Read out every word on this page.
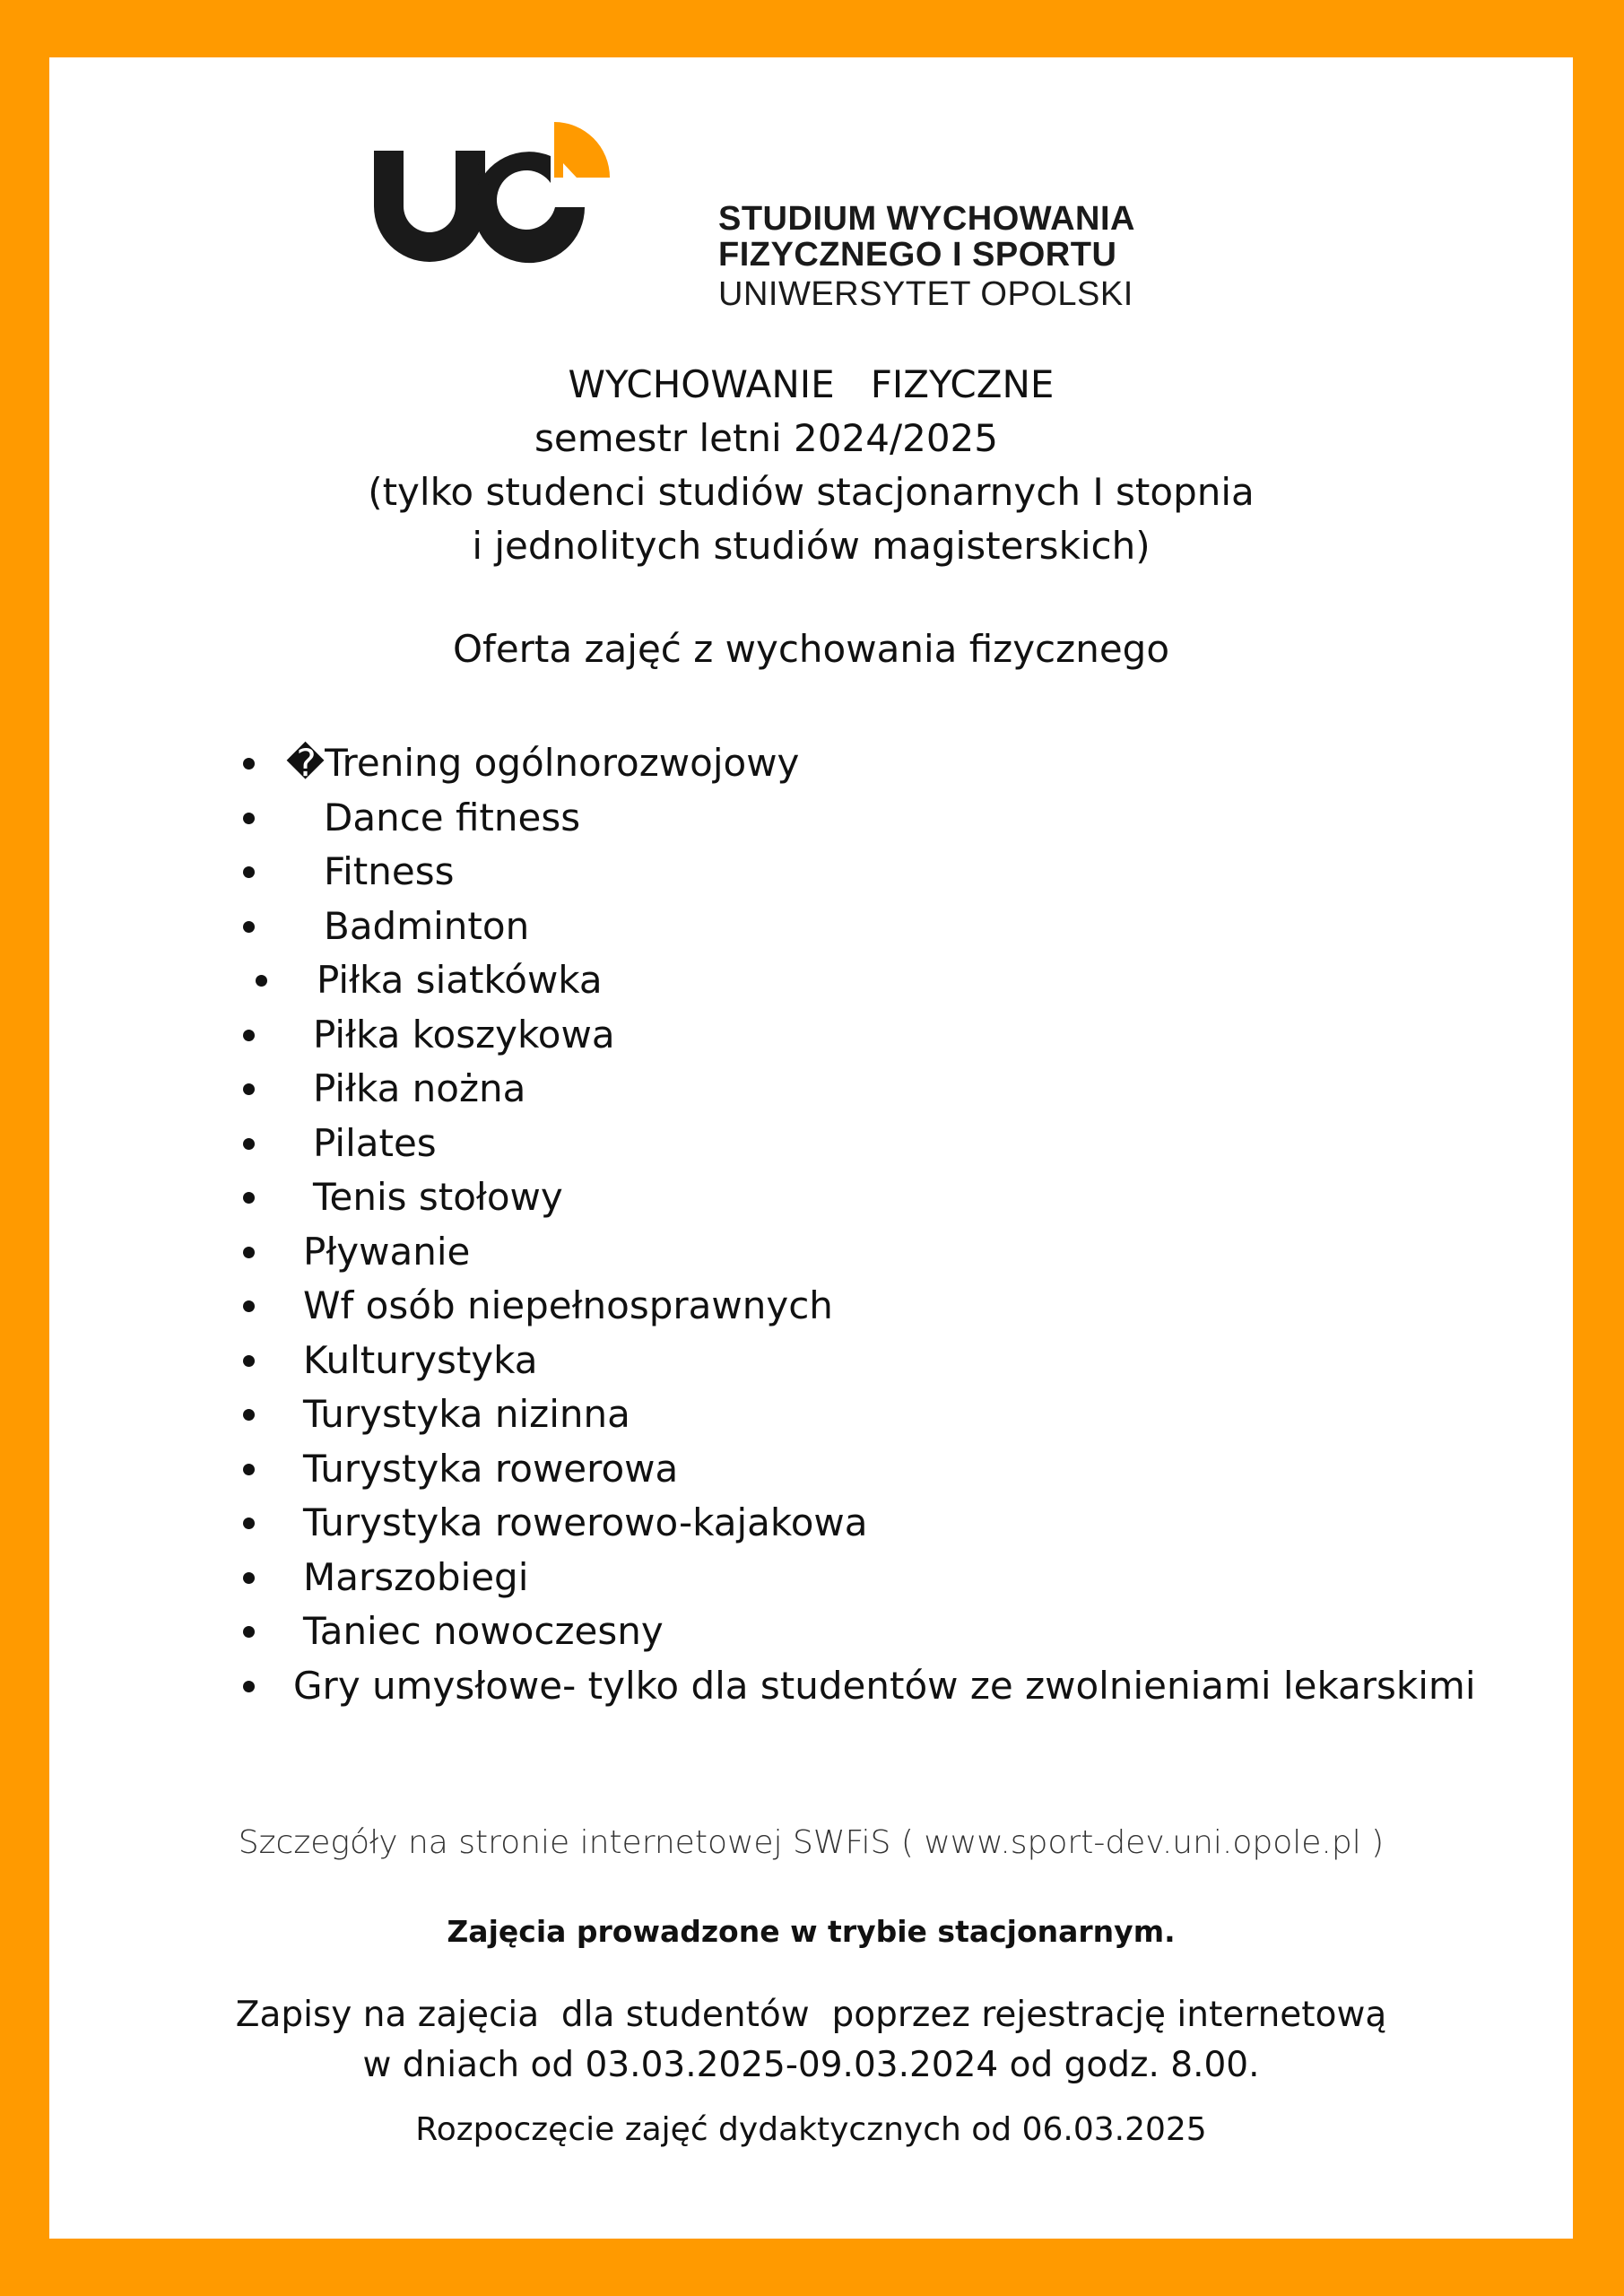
STUDIUM WYCHOWANIA
FIZYCZNEGO I SPORTU
UNIWERSYTET OPOLSKI
WYCHOWANIE   FIZYCZNE
semestr letni 2024/2025
(tylko studenci studiów stacjonarnych I stopnia
i jednolitych studiów magisterskich)
Oferta zajęć z wychowania fizycznego
�Trening ogólnorozwojowy
Dance fitness
Fitness
Badminton
Piłka siatkówka
Piłka koszykowa
Piłka nożna
Pilates
Tenis stołowy
Pływanie
Wf osób niepełnosprawnych
Kulturystyka
Turystyka nizinna
Turystyka rowerowa
Turystyka rowerowo-kajakowa
Marszobiegi
Taniec nowoczesny
Gry umysłowe- tylko dla studentów ze zwolnieniami lekarskimi
Szczegóły na stronie internetowej SWFiS ( www.sport-dev.uni.opole.pl )
Zajęcia prowadzone w trybie stacjonarnym.
Zapisy na zajęcia  dla studentów  poprzez rejestrację internetową
w dniach od 03.03.2025-09.03.2024 od godz. 8.00.
Rozpoczęcie zajęć dydaktycznych od 06.03.2025
